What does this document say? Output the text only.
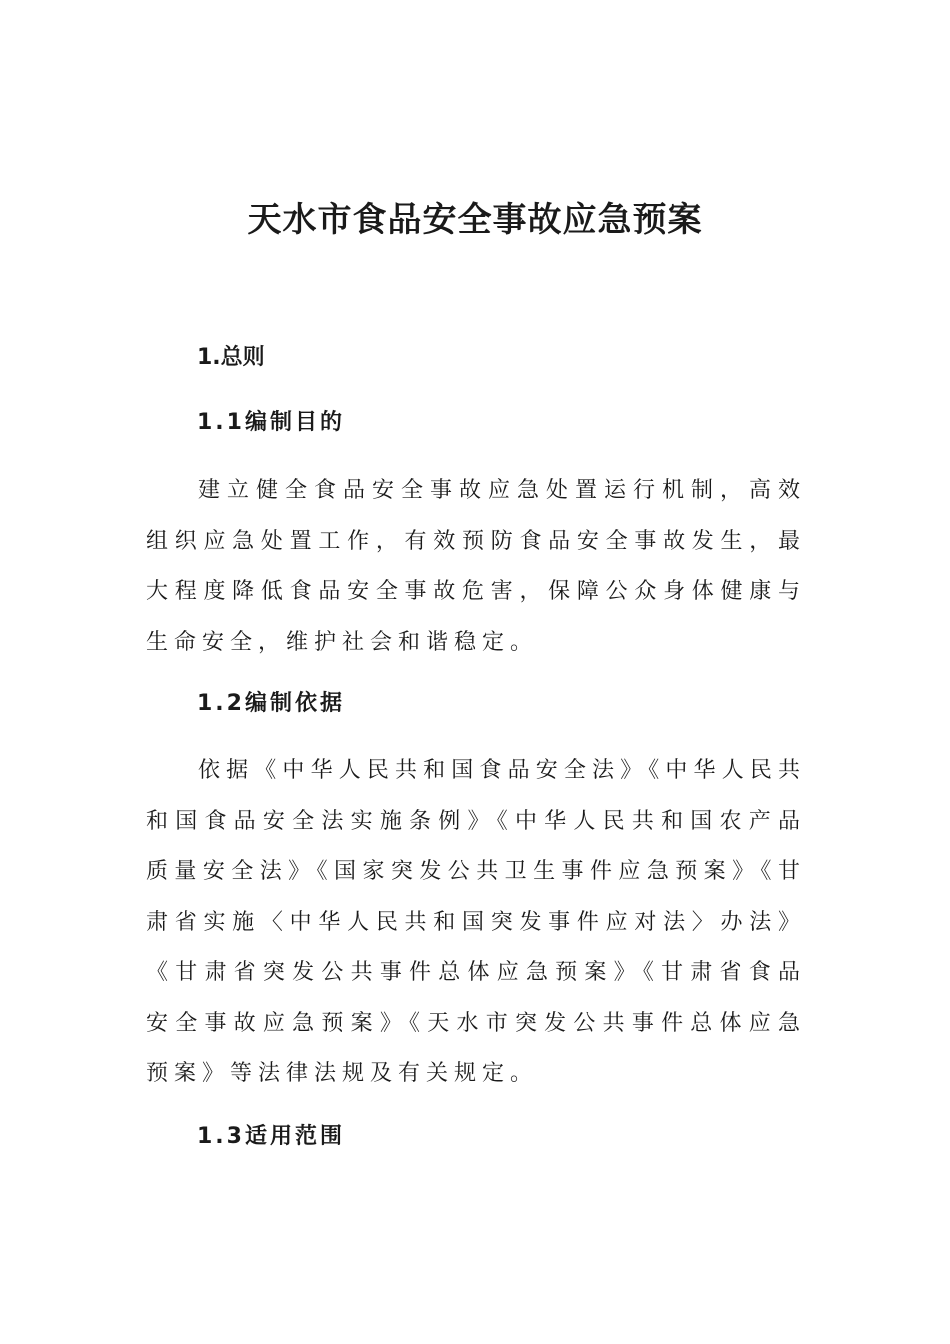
天水市食品安全事故应急预案
1.总则
1.1编制目的

建立健全食品安全事故应急处置运行机制，高效组织应急处置工作，有效预防食品安全事故发生，最大程度降低食品安全事故危害，保障公众身体健康与生命安全，维护社会和谐稳定。

1.2编制依据

依据《中华人民共和国食品安全法》《中华人民共和国食品安全法实施条例》《中华人民共和国农产品质量安全法》《国家突发公共卫生事件应急预案》《甘肃省实施〈中华人民共和国突发事件应对法〉办法》《甘肃省突发公共事件总体应急预案》《甘肃省食品安全事故应急预案》《天水市突发公共事件总体应急预案》等法律法规及有关规定。

1.3适用范围
